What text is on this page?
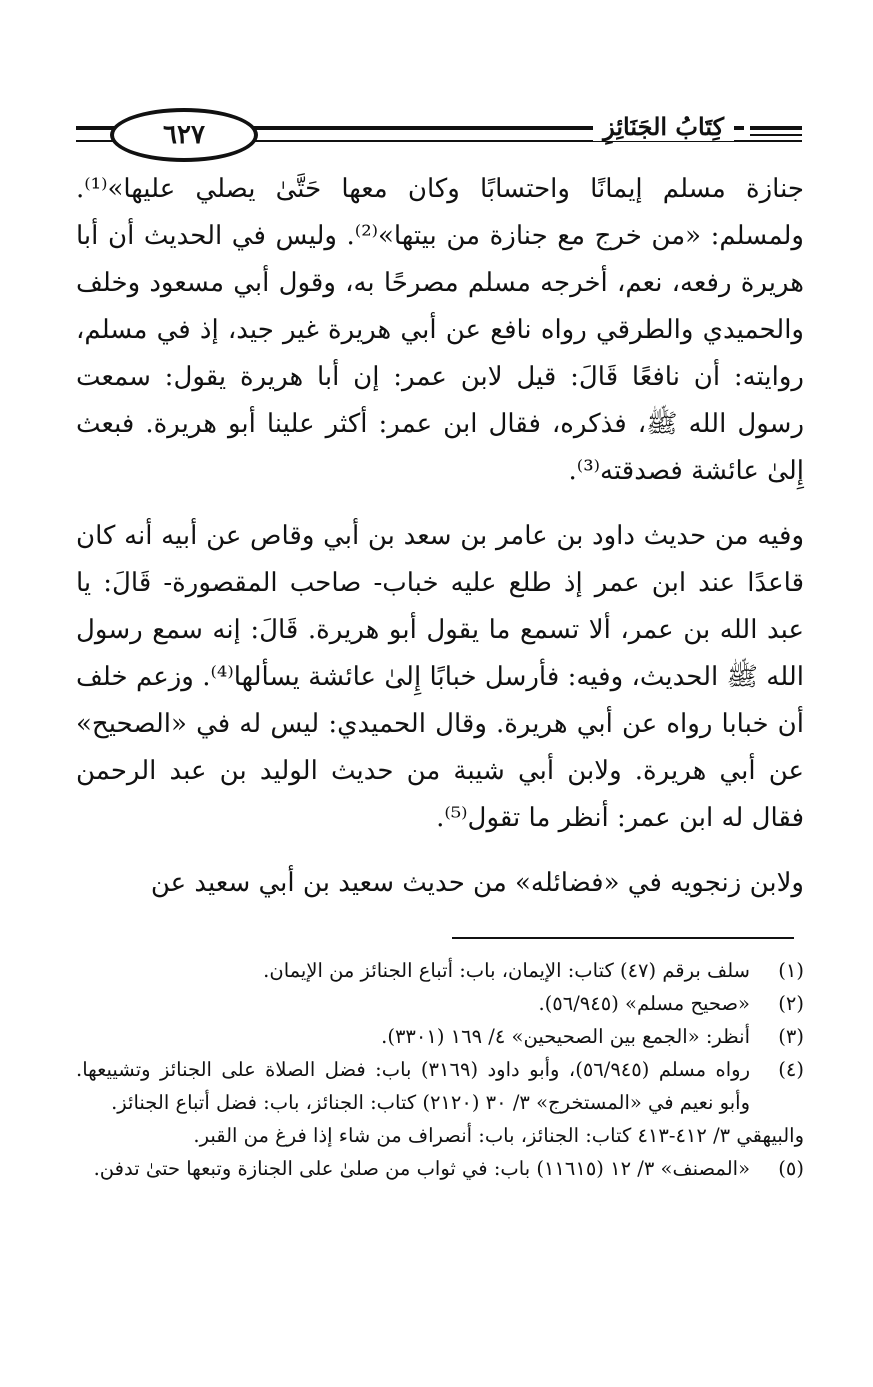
٦٢٧	كِتَابُ الجَنَائِزِ

جنازة مسلم إيمانًا واحتسابًا وكان معها حَتَّىٰ يصلي عليها»⁽¹⁾. ولمسلم: «من خرج مع جنازة من بيتها»⁽²⁾. وليس في الحديث أن أبا هريرة رفعه، نعم، أخرجه مسلم مصرحًا به، وقول أبي مسعود وخلف والحميدي والطرقي رواه نافع عن أبي هريرة غير جيد، إذ في مسلم، روايته: أن نافعًا قَالَ: قيل لابن عمر: إن أبا هريرة يقول: سمعت رسول الله ﷺ، فذكره، فقال ابن عمر: أكثر علينا أبو هريرة. فبعث إِلىٰ عائشة فصدقته⁽³⁾.

وفيه من حديث داود بن عامر بن سعد بن أبي وقاص عن أبيه أنه كان قاعدًا عند ابن عمر إذ طلع عليه خباب- صاحب المقصورة- قَالَ: يا عبد الله بن عمر، ألا تسمع ما يقول أبو هريرة. قَالَ: إنه سمع رسول الله ﷺ الحديث، وفيه: فأرسل خبابًا إِلىٰ عائشة يسألها⁽⁴⁾. وزعم خلف أن خبابا رواه عن أبي هريرة. وقال الحميدي: ليس له في «الصحيح» عن أبي هريرة. ولابن أبي شيبة من حديث الوليد بن عبد الرحمن فقال له ابن عمر: أنظر ما تقول⁽⁵⁾.

ولابن زنجويه في «فضائله» من حديث سعيد بن أبي سعيد عن

(١)
سلف برقم (٤٧) كتاب: الإيمان، باب: أتباع الجنائز من الإيمان.

(٢)
«صحيح مسلم» (٥٦/٩٤٥).

(٣)
أنظر: «الجمع بين الصحيحين» ٤/ ١٦٩ (٣٣٠١).

(٤)
رواه مسلم (٥٦/٩٤٥)، وأبو داود (٣١٦٩) باب: فضل الصلاة على الجنائز وتشييعها. وأبو نعيم في «المستخرج» ٣/ ٣٠ (٢١٢٠) كتاب: الجنائز، باب: فضل أتباع الجنائز.

والبيهقي ٣/ ٤١٢-٤١٣ كتاب: الجنائز، باب: أنصراف من شاء إذا فرغ من القبر.

(٥)
«المصنف» ٣/ ١٢ (١١٦١٥) باب: في ثواب من صلىٰ على الجنازة وتبعها حتىٰ تدفن.
